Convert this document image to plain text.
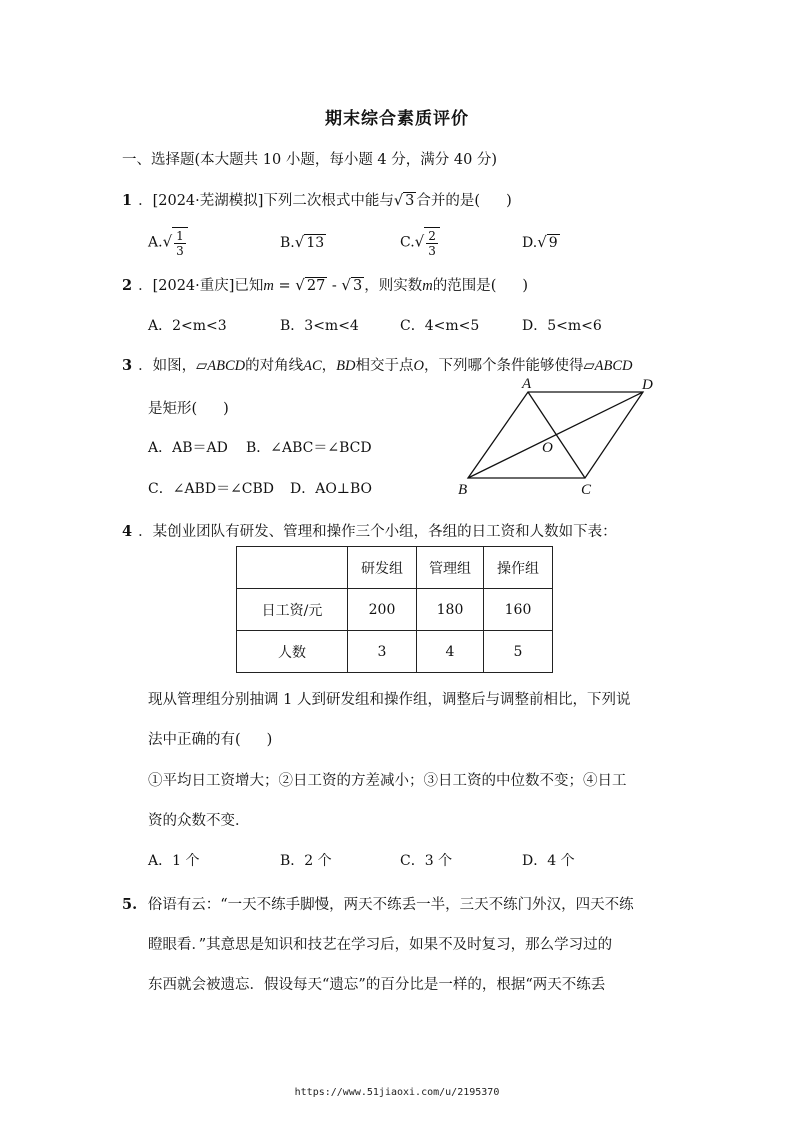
期末综合素质评价
一、选择题(本大题共 10 小题，每小题 4 分，满分 40 分)
1 ．[2024·芜湖模拟]下列二次根式中能与√ 3 合并的是( )
$A.√ \frac{1}{3}$	B.√ 13	$C.√ \frac{2}{3}$	D.√ 9
2 ．[2024·重庆]已知m = √ 27 - √ 3 ，则实数m的范围是( )
A．2<m<3	B．3<m<4	C．4<m<5	D．5<m<6
3 ．如图，▱ABCD的对角线AC，BD相交于点O，下列哪个条件能够使得▱ABCD
是矩形( )
A．AB＝AD B．∠ABC＝∠BCD
C．∠ABD＝∠CBD D．AO⊥BO
A	D
O
B	C
4 ．某创业团队有研发、管理和操作三个小组，各组的日工资和人数如下表：
	研发组	管理组	操作组
日工资/元	200	180	160
人数	3	4	5
现从管理组分别抽调 1 人到研发组和操作组，调整后与调整前相比，下列说
法中正确的有( )
①平均日工资增大；②日工资的方差减小；③日工资的中位数不变；④日工
资的众数不变．
A．1 个	B．2 个	C．3 个	D．4 个
5. 俗语有云：“一天不练手脚慢，两天不练丢一半，三天不练门外汉，四天不练
瞪眼看．”其意思是知识和技艺在学习后，如果不及时复习，那么学习过的
东西就会被遗忘．假设每天“遗忘”的百分比是一样的，根据“两天不练丢
https://www.51jiaoxi.com/u/2195370
